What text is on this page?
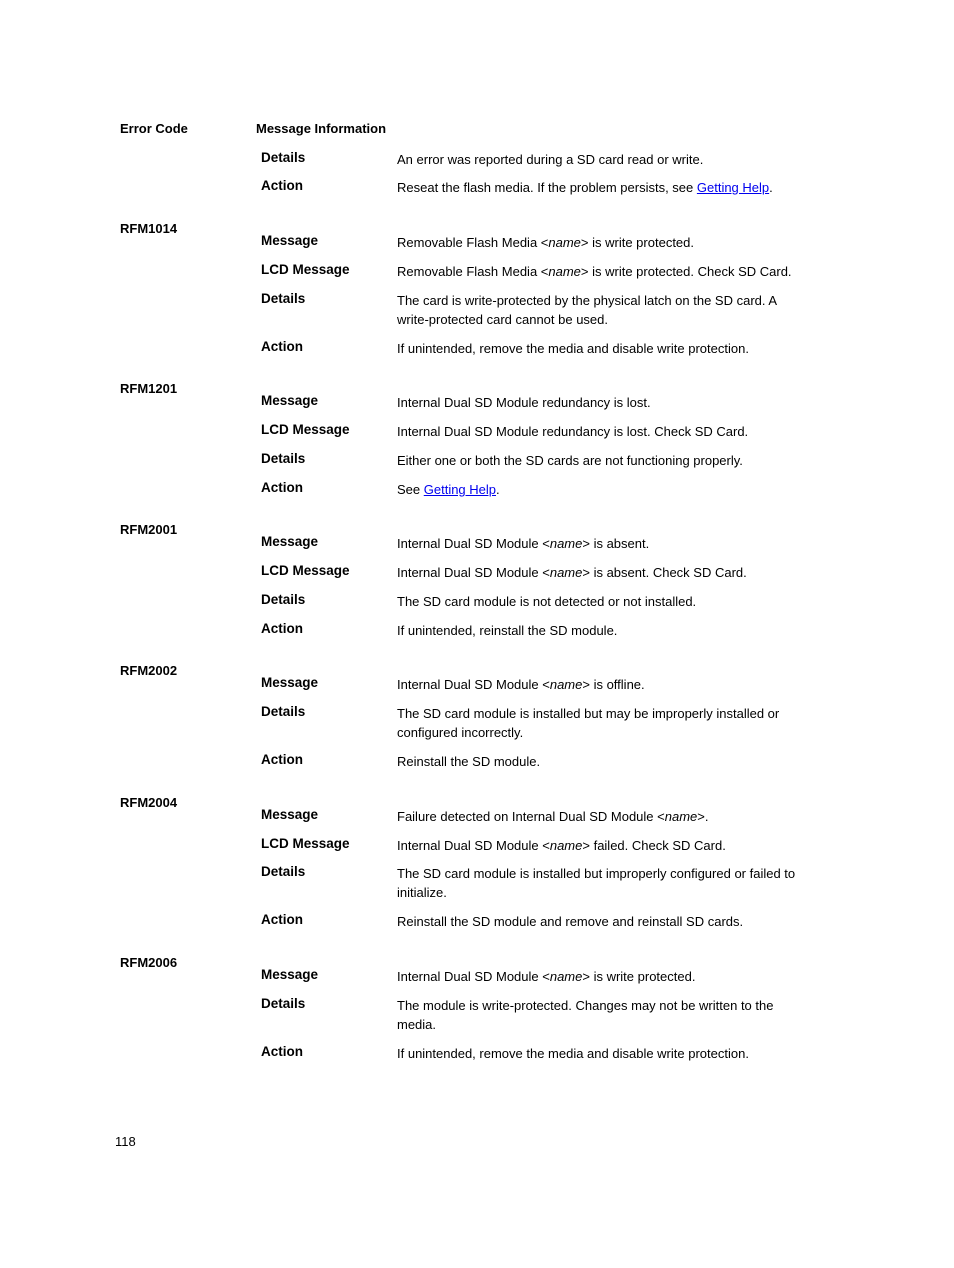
Error Code	Message Information
Details	An error was reported during a SD card read or write.
Action	Reseat the flash media. If the problem persists, see Getting Help.
RFM1014
Message	Removable Flash Media <name> is write protected.
LCD Message	Removable Flash Media <name> is write protected. Check SD Card.
Details	The card is write-protected by the physical latch on the SD card. A write-protected card cannot be used.
Action	If unintended, remove the media and disable write protection.
RFM1201
Message	Internal Dual SD Module redundancy is lost.
LCD Message	Internal Dual SD Module redundancy is lost. Check SD Card.
Details	Either one or both the SD cards are not functioning properly.
Action	See Getting Help.
RFM2001
Message	Internal Dual SD Module <name> is absent.
LCD Message	Internal Dual SD Module <name> is absent. Check SD Card.
Details	The SD card module is not detected or not installed.
Action	If unintended, reinstall the SD module.
RFM2002
Message	Internal Dual SD Module <name> is offline.
Details	The SD card module is installed but may be improperly installed or configured incorrectly.
Action	Reinstall the SD module.
RFM2004
Message	Failure detected on Internal Dual SD Module <name>.
LCD Message	Internal Dual SD Module <name> failed. Check SD Card.
Details	The SD card module is installed but improperly configured or failed to initialize.
Action	Reinstall the SD module and remove and reinstall SD cards.
RFM2006
Message	Internal Dual SD Module <name> is write protected.
Details	The module is write-protected. Changes may not be written to the media.
Action	If unintended, remove the media and disable write protection.
118
